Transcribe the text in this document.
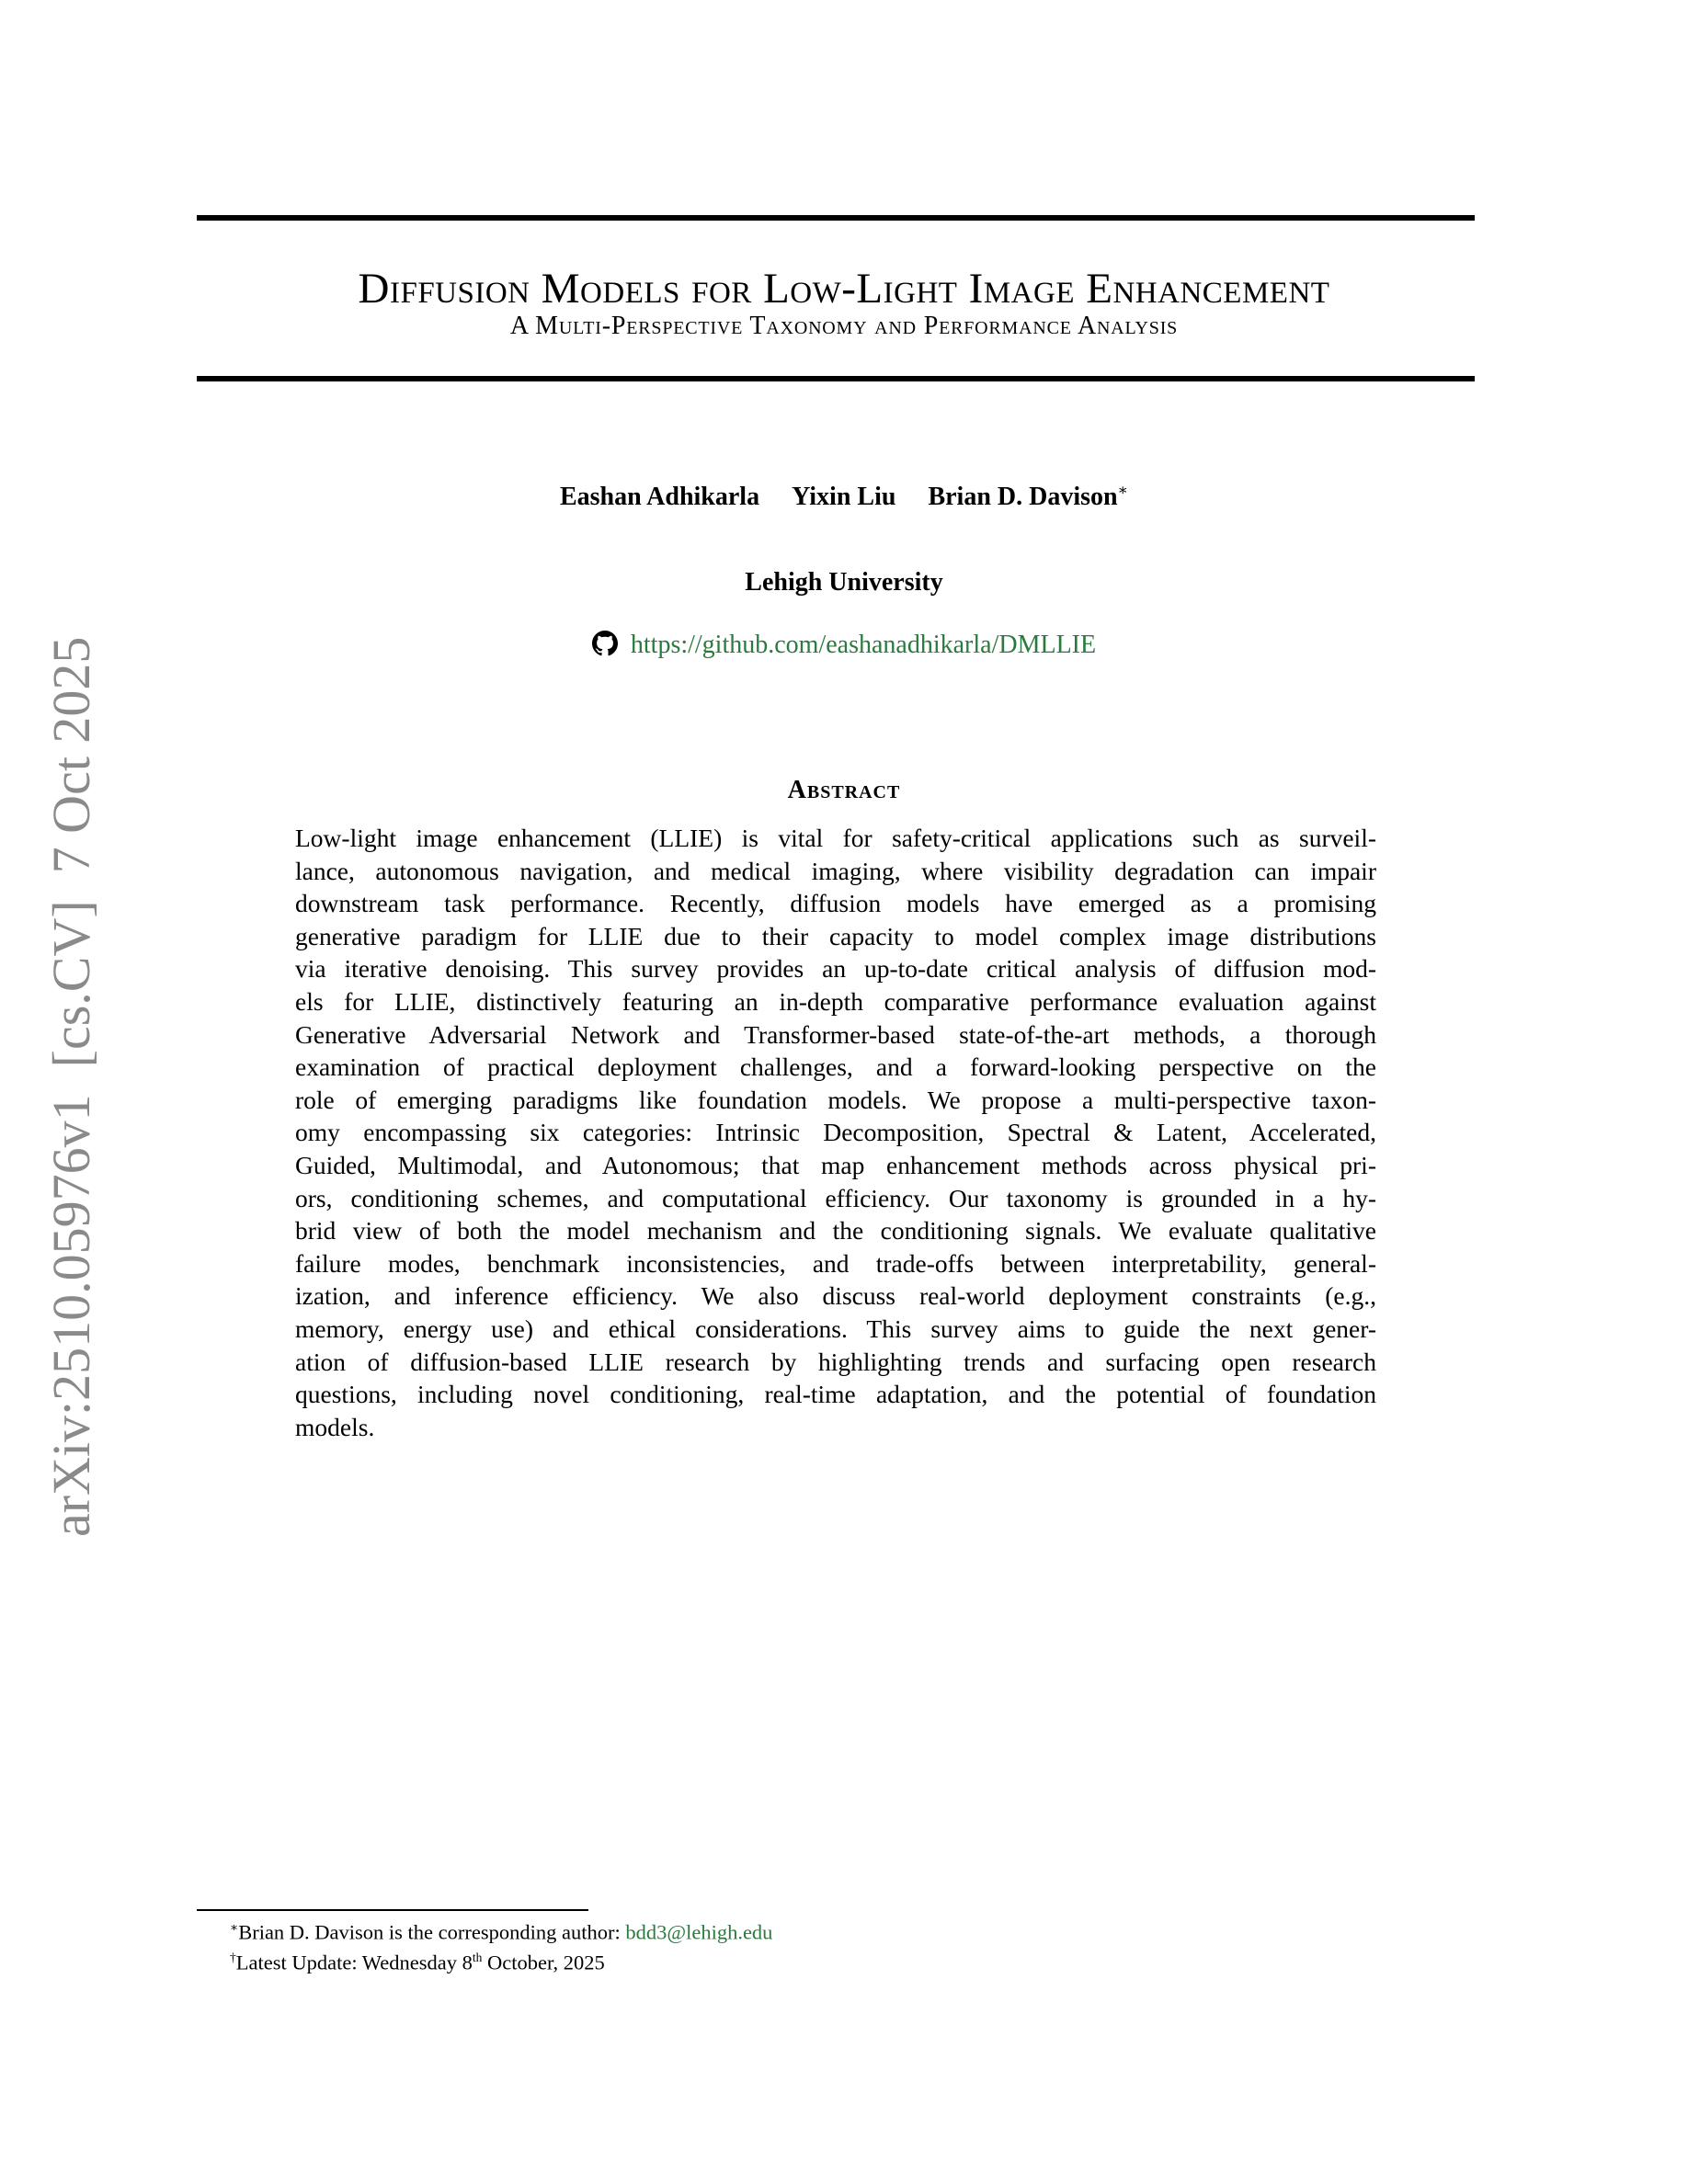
arXiv:2510.05976v1  [cs.CV]  7 Oct 2025
Diffusion Models for Low-Light Image Enhancement
A Multi-Perspective Taxonomy and Performance Analysis
Eashan Adhikarla Yixin Liu Brian D. Davison∗
Lehigh University
https://github.com/eashanadhikarla/DMLLIE
Abstract
Low-light image enhancement (LLIE) is vital for safety-critical applications such as surveil-
lance, autonomous navigation, and medical imaging, where visibility degradation can impair
downstream task performance. Recently, diffusion models have emerged as a promising
generative paradigm for LLIE due to their capacity to model complex image distributions
via iterative denoising. This survey provides an up-to-date critical analysis of diffusion mod-
els for LLIE, distinctively featuring an in-depth comparative performance evaluation against
Generative Adversarial Network and Transformer-based state-of-the-art methods, a thorough
examination of practical deployment challenges, and a forward-looking perspective on the
role of emerging paradigms like foundation models. We propose a multi-perspective taxon-
omy encompassing six categories: Intrinsic Decomposition, Spectral & Latent, Accelerated,
Guided, Multimodal, and Autonomous; that map enhancement methods across physical pri-
ors, conditioning schemes, and computational efficiency. Our taxonomy is grounded in a hy-
brid view of both the model mechanism and the conditioning signals. We evaluate qualitative
failure modes, benchmark inconsistencies, and trade-offs between interpretability, general-
ization, and inference efficiency. We also discuss real-world deployment constraints (e.g.,
memory, energy use) and ethical considerations. This survey aims to guide the next gener-
ation of diffusion-based LLIE research by highlighting trends and surfacing open research
questions, including novel conditioning, real-time adaptation, and the potential of foundation
models.
∗Brian D. Davison is the corresponding author: bdd3@lehigh.edu
†Latest Update: Wednesday 8th October, 2025
